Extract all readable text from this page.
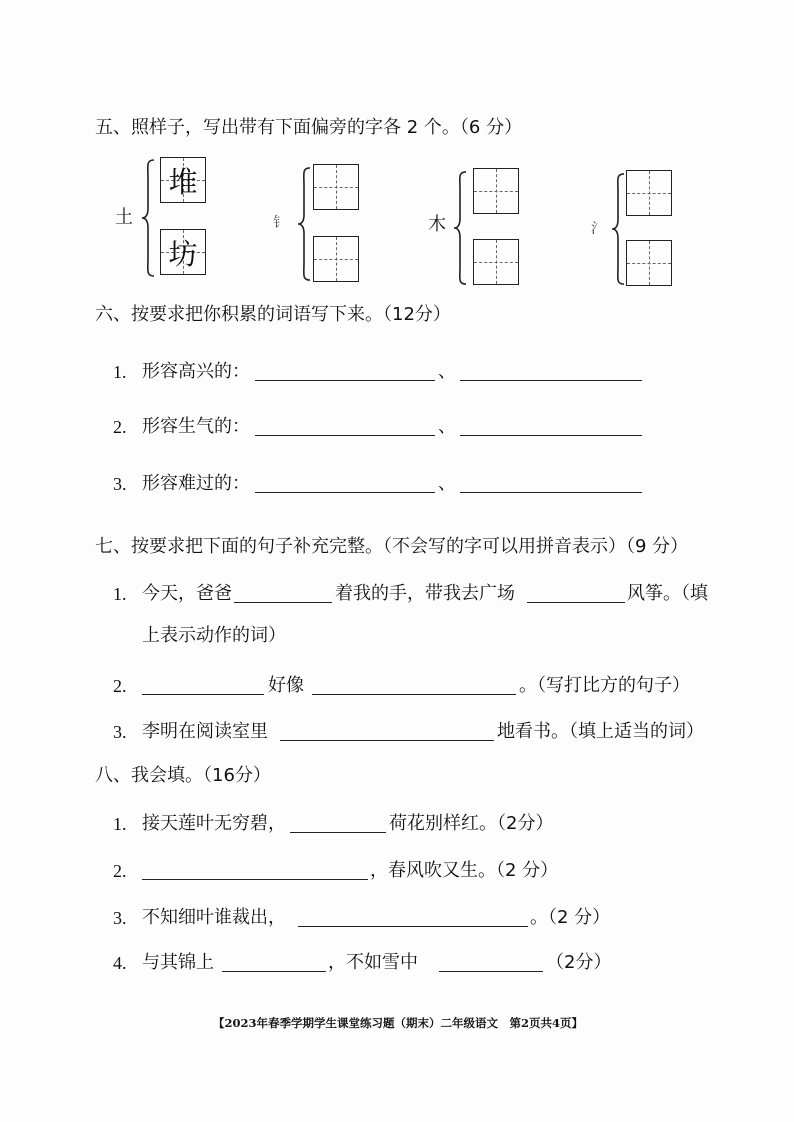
五、照样子，写出带有下面偏旁的字各 2 个。（6 分）
土
堆
坊
钅	木	氵
六、按要求把你积累的词语写下来。（12分）
1. 形容高兴的：	、
2. 形容生气的：	、
3. 形容难过的：	、
七、按要求把下面的句子补充完整。（不会写的字可以用拼音表示）（9 分）
1. 今天，爸爸	着我的手，带我去广场	风筝。（填
上表示动作的词）
2.	好像	。（写打比方的句子）
3. 李明在阅读室里	地看书。（填上适当的词）
八、我会填。（16分）
1. 接天莲叶无穷碧，	荷花别样红。（2分）
2.	，春风吹又生。（2 分）
3. 不知细叶谁裁出，	。（2 分）
4. 与其锦上	，不如雪中	（2分）
【2023年春季学期学生课堂练习题（期末）二年级语文　第2页共4页】
